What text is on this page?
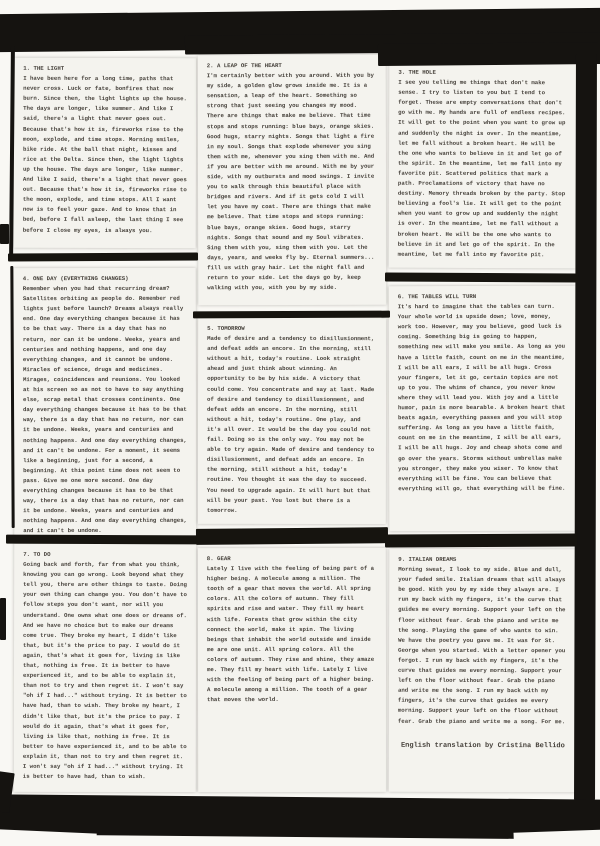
1. THE LIGHT
I have been here for a long time, paths that never cross. Luck or fate, bonfires that now burn. Since then, the light lights up the house. The days are longer, like summer. And like I said, there's a light that never goes out. Because that's how it is, fireworks rise to the moon, explode, and time stops. Morning smiles, bike ride. At the ball that night, kisses and rice at the Delta. Since then, the light lights up the house. The days are longer, like summer. And like I said, there's a light that never goes out. Because that's how it is, fireworks rise to the moon, explode, and time stops. All I want now is to feel your gaze. And to know that in bed, before I fall asleep, the last thing I see before I close my eyes, is always you.
4. ONE DAY (EVERYTHING CHANGES)
Remember when you had that recurring dream? Satellites orbiting as people do. Remember red lights just before launch? Dreams always really end. One day everything changes because it has to be that way. There is a day that has no return, nor can it be undone. Weeks, years and centuries and nothing happens, and one day everything changes, and it cannot be undone. Miracles of science, drugs and medicines. Mirages, coincidences and reunions. You looked at his screen so as not to have to say anything else, scrap metal that crosses continents. One day everything changes because it has to be that way, there is a day that has no return, nor can it be undone. Weeks, years and centuries and nothing happens. And one day everything changes, and it can't be undone. For a moment, it seems like a beginning, just for a second, a beginning. At this point time does not seem to pass. Give me one more second. One day everything changes because it has to be that way, there is a day that has no return, nor can it be undone. Weeks, years and centuries and nothing happens. And one day everything changes, and it can't be undone.
7. TO DO
Going back and forth, far from what you think, knowing you can go wrong. Look beyond what they tell you, there are other things to taste. Doing your own thing can change you. You don't have to follow steps you don't want, nor will you understand. One owns what one does or dreams of. And we have no choice but to make our dreams come true. They broke my heart, I didn't like that, but it's the price to pay. I would do it again, that's what it goes for, living is like that, nothing is free. It is better to have experienced it, and to be able to explain it, than not to try and then regret it. I won't say "oh if I had..." without trying. It is better to have had, than to wish. They broke my heart, I didn't like that, but it's the price to pay. I would do it again, that's what it goes for, living is like that, nothing is free. It is better to have experienced it, and to be able to explain it, than not to try and then regret it. I won't say "oh if I had..." without trying. It is better to have had, than to wish.
2. A LEAP OF THE HEART
I'm certainly better with you around. With you by my side, a golden glow grows inside me. It is a sensation, a leap of the heart. Something so strong that just seeing you changes my mood. There are things that make me believe. That time stops and stops running: blue bays, orange skies. Good hugs, starry nights. Songs that light a fire in my soul. Songs that explode whenever you sing them with me, whenever you sing them with me. And if you are better with me around. With me by your side, with my outbursts and mood swings. I invite you to walk through this beautiful place with bridges and rivers. And if it gets cold I will let you have my coat. There are things that make me believe. That time stops and stops running: blue bays, orange skies. Good hugs, starry nights. Songs that sound and my Soul vibrates. Sing them with you, sing them with you. Let the days, years, and weeks fly by. Eternal summers... fill us with gray hair. Let the night fall and return to your side. Let the days go by, keep walking with you, with you by my side.
5. TOMORROW
Made of desire and a tendency to disillusionment, and defeat adds an encore. In the morning, still without a hit, today's routine. Look straight ahead and just think about winning. An opportunity to be by his side. A victory that could come. You concentrate and say at last. Made of desire and tendency to disillusionment, and defeat adds an encore. In the morning, still without a hit, today's routine. One play, and it's all over. It would be the day you could not fail. Doing so is the only way. You may not be able to try again. Made of desire and tendency to disillusionment, and defeat adds an encore. In the morning, still without a hit, today's routine. You thought it was the day to succeed. You need to upgrade again. It will hurt but that will be your past. You lost but there is a tomorrow.
8. GEAR
Lately I live with the feeling of being part of a higher being. A molecule among a million. The tooth of a gear that moves the world. All spring colors. All the colors of autumn. They fill spirits and rise and water. They fill my heart with life. Forests that grow within the city connect the world, make it spin. The living beings that inhabit the world outside and inside me are one unit. All spring colors. All the colors of autumn. They rise and shine, they amaze me. They fill my heart with life. Lately I live with the feeling of being part of a higher being. A molecule among a million. The tooth of a gear that moves the world.
3. THE HOLE
I see you telling me things that don't make sense. I try to listen to you but I tend to forget. These are empty conversations that don't go with me. My hands are full of endless recipes. It will get to the point when you want to grow up and suddenly the night is over. In the meantime, let me fall without a broken heart. He will be the one who wants to believe in it and let go of the spirit. In the meantime, let me fall into my favorite pit. Scattered politics that mark a path. Proclamations of victory that have no destiny. Memory threads broken by the party. Stop believing a fool's lie. It will get to the point when you want to grow up and suddenly the night is over. In the meantime, let me fall without a broken heart. He will be the one who wants to believe in it and let go of the spirit. In the meantime, let me fall into my favorite pit.
6. THE TABLES WILL TURN
It's hard to imagine that the tables can turn. Your whole world is upside down; love, money, work too. However, may you believe, good luck is coming. Something big is going to happen, something new will make you smile. As long as you have a little faith, count on me in the meantime, I will be all ears, I will be all hugs. Cross your fingers, let it go, certain topics are not up to you. The whims of chance, you never know where they will lead you. With joy and a little humor, pain is more bearable. A broken heart that beats again, everything passes and you will stop suffering. As long as you have a little faith, count on me in the meantime, I will be all ears, I will be all hugs. Joy and cheap shots come and go over the years. Storms without umbrellas make you stronger, they make you wiser. To know that everything will be fine. You can believe that everything will go, that everything will be fine.
9. ITALIAN DREAMS
Morning sweat, I look to my side. Blue and dull, your faded smile. Italian dreams that will always be good. With you by my side they always are. I run my back with my fingers, it's the curve that guides me every morning. Support your left on the floor without fear. Grab the piano and write me the song. Playing the game of who wants to win. We have the poetry you gave me. It was for St. George when you started. With a letter opener you forgot. I run my back with my fingers, it's the curve that guides me every morning. Support your left on the floor without fear. Grab the piano and write me the song. I run my back with my fingers, it's the curve that guides me every morning. Support your left on the floor without fear. Grab the piano and write me a song. For me.
English translation by Cristina Bellido
